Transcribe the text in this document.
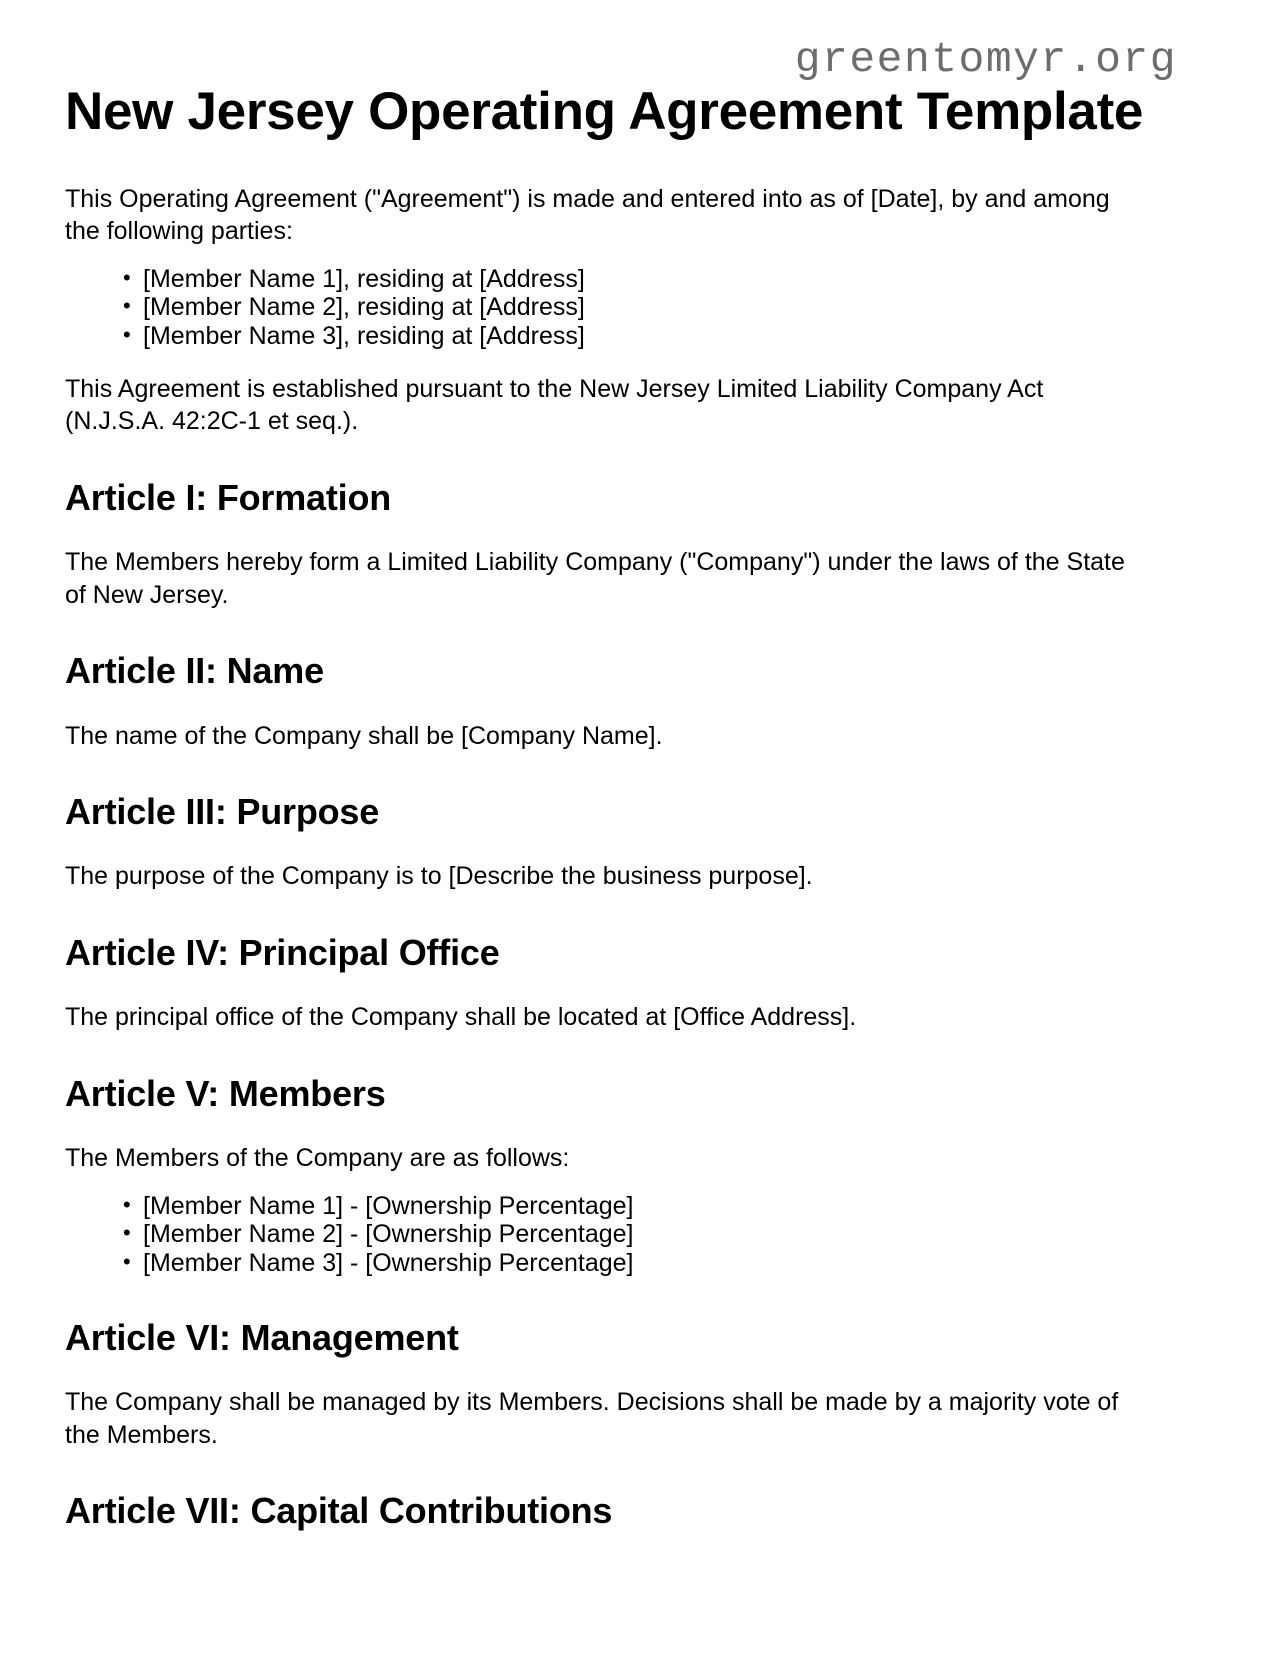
greentomyr.org
New Jersey Operating Agreement Template

This Operating Agreement ("Agreement") is made and entered into as of [Date], by and among the following parties:

• [Member Name 1], residing at [Address]
• [Member Name 2], residing at [Address]
• [Member Name 3], residing at [Address]

This Agreement is established pursuant to the New Jersey Limited Liability Company Act (N.J.S.A. 42:2C-1 et seq.).

Article I: Formation

The Members hereby form a Limited Liability Company ("Company") under the laws of the State of New Jersey.

Article II: Name

The name of the Company shall be [Company Name].

Article III: Purpose

The purpose of the Company is to [Describe the business purpose].

Article IV: Principal Office

The principal office of the Company shall be located at [Office Address].

Article V: Members

The Members of the Company are as follows:

• [Member Name 1] - [Ownership Percentage]
• [Member Name 2] - [Ownership Percentage]
• [Member Name 3] - [Ownership Percentage]
Article VI: Management

The Company shall be managed by its Members. Decisions shall be made by a majority vote of the Members.

Article VII: Capital Contributions
